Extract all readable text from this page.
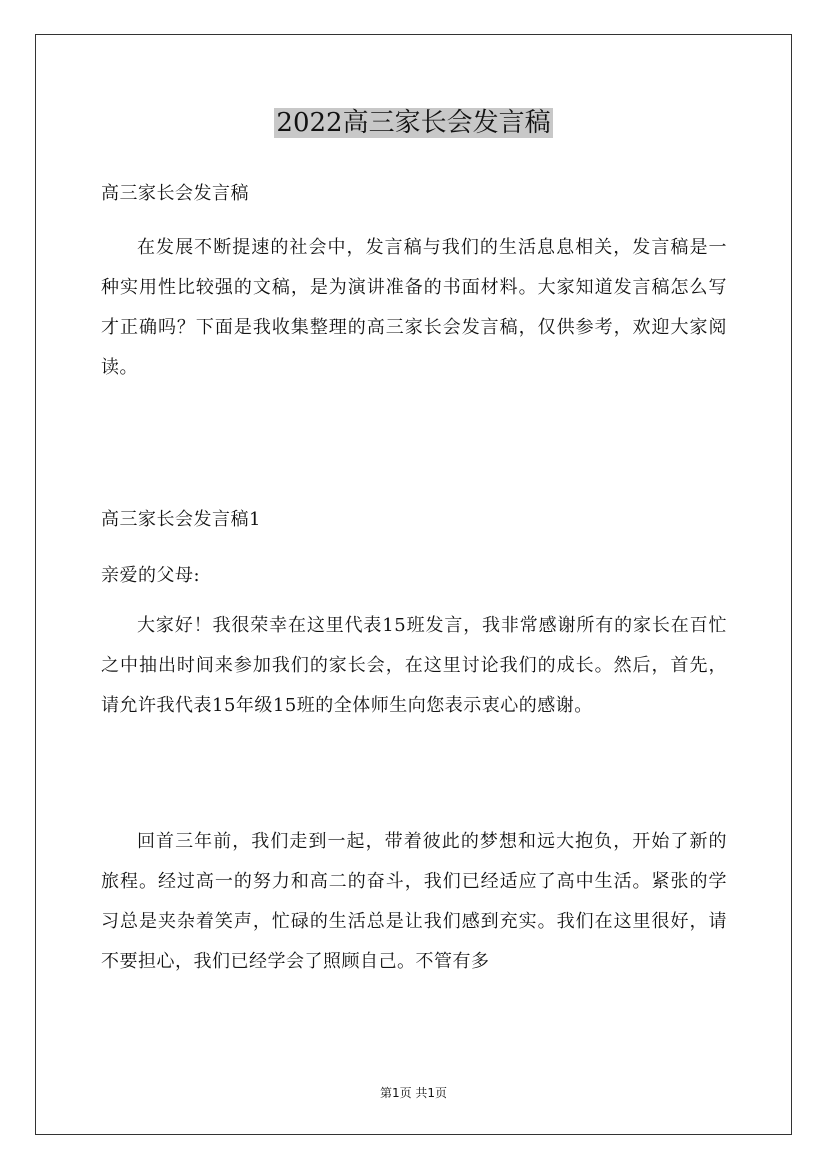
2022高三家长会发言稿
高三家长会发言稿

在发展不断提速的社会中，发言稿与我们的生活息息相关，发言稿是一种实用性比较强的文稿，是为演讲准备的书面材料。大家知道发言稿怎么写才正确吗？下面是我收集整理的高三家长会发言稿，仅供参考，欢迎大家阅读。

高三家长会发言稿1
亲爱的父母:

大家好！我很荣幸在这里代表15班发言，我非常感谢所有的家长在百忙之中抽出时间来参加我们的家长会，在这里讨论我们的成长。然后，首先，请允许我代表15年级15班的全体师生向您表示衷心的感谢。

回首三年前，我们走到一起，带着彼此的梦想和远大抱负，开始了新的旅程。经过高一的努力和高二的奋斗，我们已经适应了高中生活。紧张的学习总是夹杂着笑声，忙碌的生活总是让我们感到充实。我们在这里很好，请不要担心，我们已经学会了照顾自己。不管有多

第1页 共1页
